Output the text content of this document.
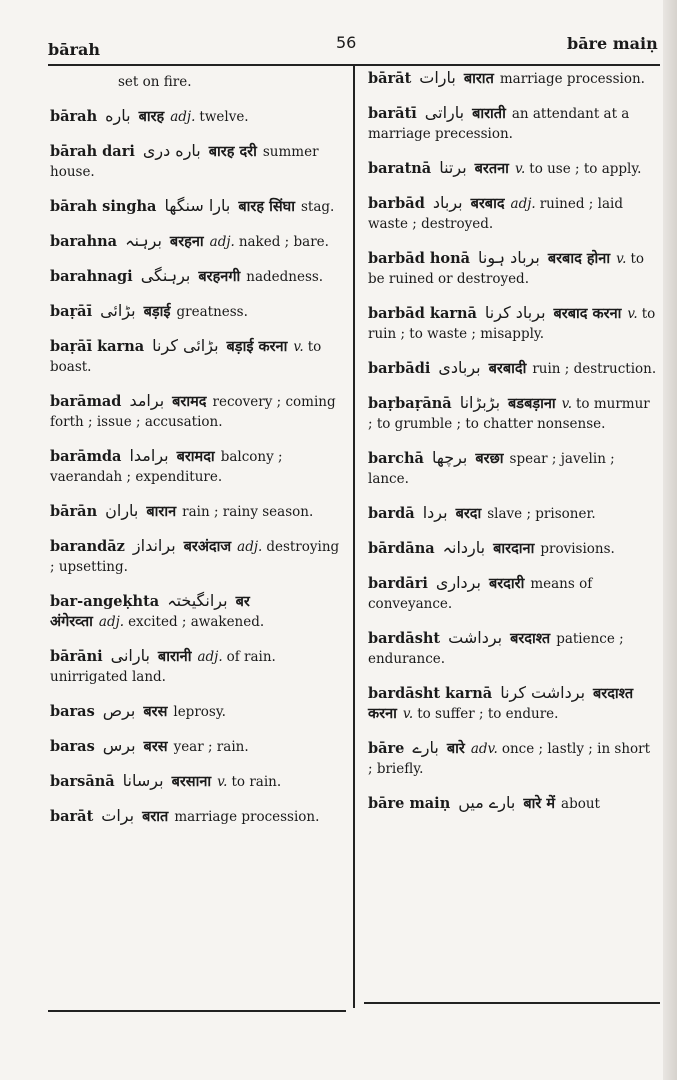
bārah	56	bāre maiṇ
set on fire.
bārah باره बारह adj. twelve.
bārah dari باره دری बारह दरी summer house.
bārah singha بارا سنگھا बारह सिंघा stag.
barahna برہنہ बरहना adj. naked ; bare.
barahnagi برہنگی बरहनगी nadedness.
baṛāī بڑائی बड़ाई greatness.
baṛāī karna بڑائی کرنا बड़ाई करना v. to boast.
barāmad برامد बरामद recovery ; coming forth ; issue ; accusation.
barāmda برامدا बरामदा balcony ; vaerandah ; expenditure.
bārān باران बारान rain ; rainy season.
barandāz برانداز बरअंदाज adj. destroying ; upsetting.
bar-angeḳhta برانگیختہ बर अंगेरव्ता adj. excited ; awakened.
bārāni بارانی बारानी adj. of rain. unirrigated land.
baras برص बरस leprosy.
baras برس बरस year ; rain.
barsānā برسانا बरसाना v. to rain.
barāt برات बरात marriage procession.
bārāt بارات बारात marriage procession.
barātī باراتی बाराती an attendant at a marriage precession.
baratnā برتنا बरतना v. to use ; to apply.
barbād برباد बरबाद adj. ruined ; laid waste ; destroyed.
barbād honā برباد ہونا बरबाद होना v. to be ruined or destroyed.
barbād karnā برباد کرنا बरबाद करना v. to ruin ; to waste ; misapply.
barbādi بربادی बरबादी ruin ; destruction.
baṛbaṛānā بڑبڑانا बडबड़ाना v. to murmur ; to grumble ; to chatter nonsense.
barchā برچھا बरछा spear ; javelin ; lance.
bardā بردا बरदा slave ; prisoner.
bārdāna باردانہ बारदाना provisions.
bardāri برداری बरदारी means of conveyance.
bardāsht برداشت बरदाश्त patience ; endurance.
bardāsht karnā برداشت کرنا बरदाश्त करना v. to suffer ; to endure.
bāre بارے बारे adv. once ; lastly ; in short ; briefly.
bāre maiṇ بارے میں बारे में about
